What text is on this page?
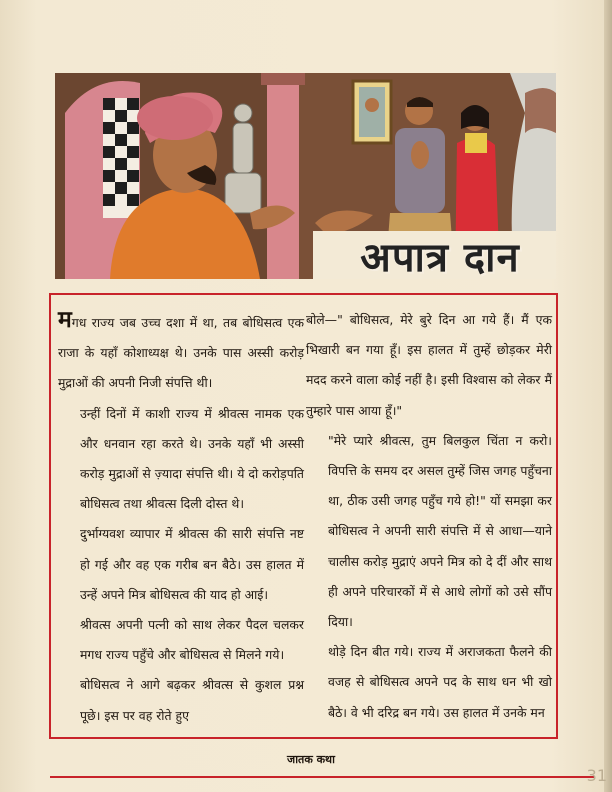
अपात्र दान

मगध राज्य जब उच्च दशा में था, तब बोधिसत्व एक राजा के यहाँ कोशाध्यक्ष थे। उनके पास अस्सी करोड़ मुद्राओं की अपनी निजी संपत्ति थी।

उन्हीं दिनों में काशी राज्य में श्रीवत्स नामक एक और धनवान रहा करते थे। उनके यहाँ भी अस्सी करोड़ मुद्राओं से ज़्यादा संपत्ति थी। ये दो करोड़पति बोधिसत्व तथा श्रीवत्स दिली दोस्त थे।

दुर्भाग्यवश व्यापार में श्रीवत्स की सारी संपत्ति नष्ट हो गई और वह एक गरीब बन बैठे। उस हालत में उन्हें अपने मित्र बोधिसत्व की याद हो आई।

श्रीवत्स अपनी पत्नी को साथ लेकर पैदल चलकर मगध राज्य पहुँचे और बोधिसत्व से मिलने गये।

बोधिसत्व ने आगे बढ़कर श्रीवत्स से कुशल प्रश्न पूछे। इस पर वह रोते हुए

बोले—" बोधिसत्व, मेरे बुरे दिन आ गये हैं। मैं एक भिखारी बन गया हूँ। इस हालत में तुम्हें छोड़कर मेरी मदद करने वाला कोई नहीं है। इसी विश्वास को लेकर मैं तुम्हारे पास आया हूँ।"

"मेरे प्यारे श्रीवत्स, तुम बिलकुल चिंता न करो। विपत्ति के समय दर असल तुम्हें जिस जगह पहुँचना था, ठीक उसी जगह पहुँच गये हो!" यों समझा कर बोधिसत्व ने अपनी सारी संपत्ति में से आधा—याने चालीस करोड़ मुद्राएं अपने मित्र को दे दीं और साथ ही अपने परिचारकों में से आधे लोगों को उसे सौंप दिया।

थोड़े दिन बीत गये। राज्य में अराजकता फैलने की वजह से बोधिसत्व अपने पद के साथ धन भी खो बैठे। वे भी दरिद्र बन गये। उस हालत में उनके मन

जातक कथा
31
